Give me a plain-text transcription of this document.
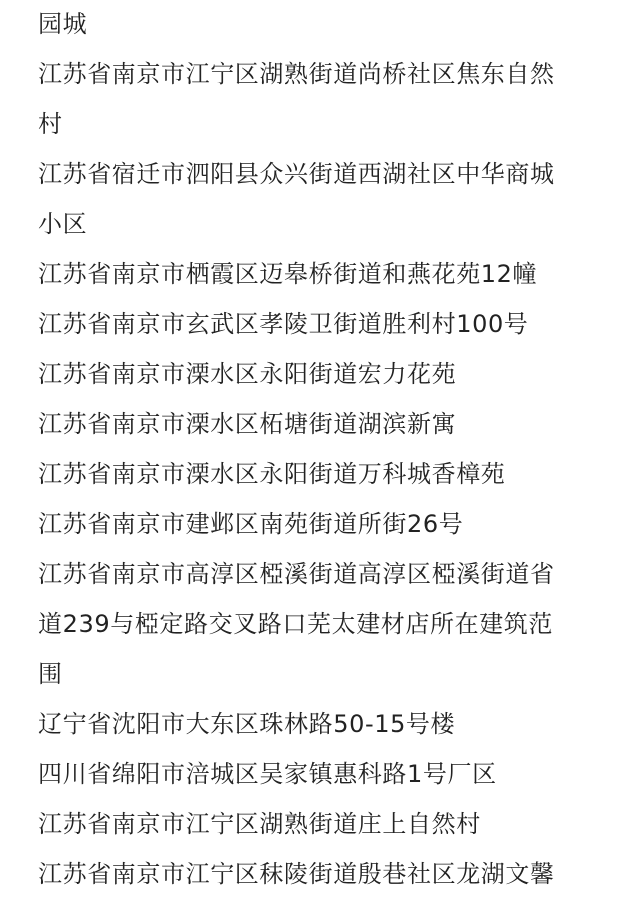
园城
江苏省南京市江宁区湖熟街道尚桥社区焦东自然
村
江苏省宿迁市泗阳县众兴街道西湖社区中华商城
小区
江苏省南京市栖霞区迈皋桥街道和燕花苑12幢
江苏省南京市玄武区孝陵卫街道胜利村100号
江苏省南京市溧水区永阳街道宏力花苑
江苏省南京市溧水区柘塘街道湖滨新寓
江苏省南京市溧水区永阳街道万科城香樟苑
江苏省南京市建邺区南苑街道所街26号
江苏省南京市高淳区椏溪街道高淳区椏溪街道省
道239与椏定路交叉路口芜太建材店所在建筑范
围
辽宁省沈阳市大东区珠林路50-15号楼
四川省绵阳市涪城区吴家镇惠科路1号厂区
江苏省南京市江宁区湖熟街道庄上自然村
江苏省南京市江宁区秣陵街道殷巷社区龙湖文馨
